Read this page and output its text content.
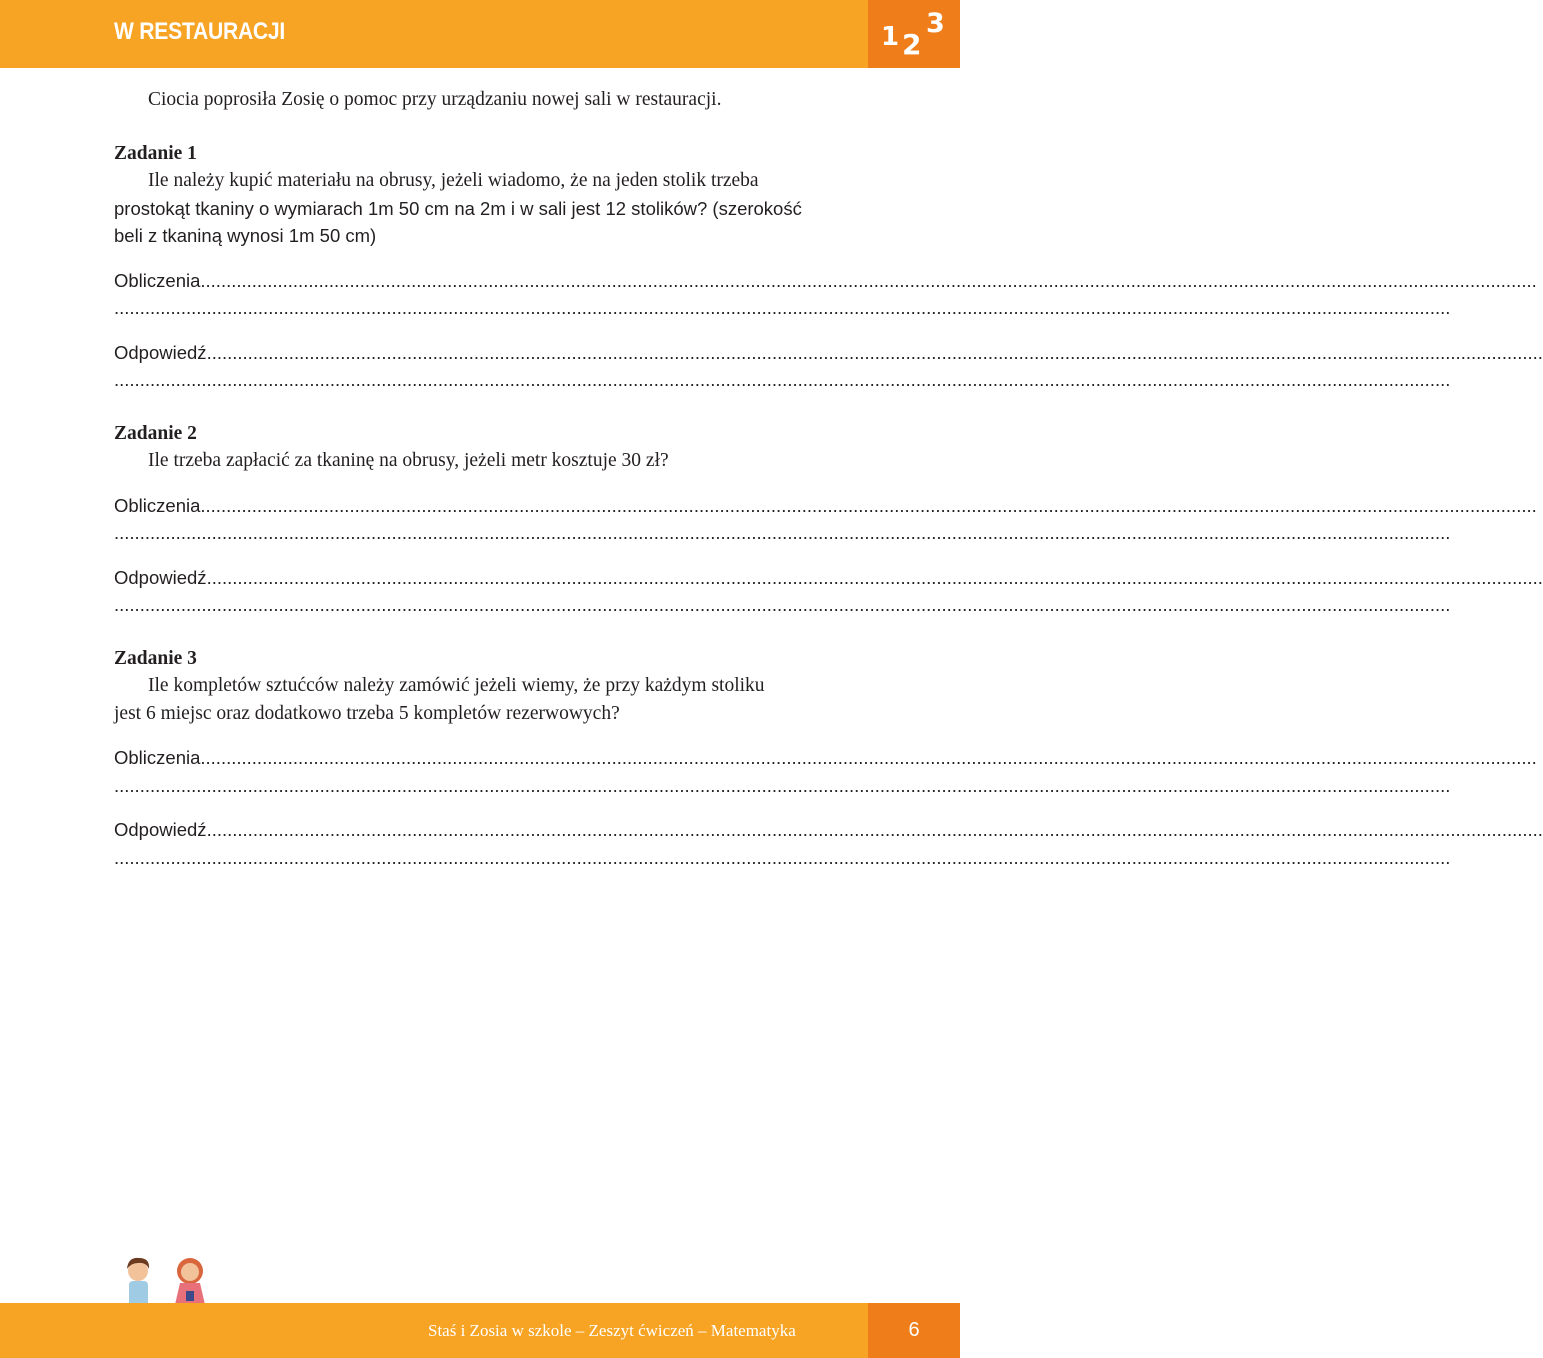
W RESTAURACJI	1 2
3

Ciocia poprosiła Zosię o pomoc przy urządzaniu nowej sali w restauracji.

Zadanie 1

Ile należy kupić materiału na obrusy, jeżeli wiadomo, że na jeden stolik trzeba

prostokąt tkaniny o wymiarach 1m 50 cm na 2m i w sali jest 12 stolików? (szerokość

beli z tkaniną wynosi 1m 50 cm)

Obliczenia....................................................................................................................................................................................................................................................................

....................................................................................................................................................................................................................................................................

Odpowiedź....................................................................................................................................................................................................................................................................

....................................................................................................................................................................................................................................................................

Zadanie 2

Ile trzeba zapłacić za tkaninę na obrusy, jeżeli metr kosztuje 30 zł?

Obliczenia....................................................................................................................................................................................................................................................................

....................................................................................................................................................................................................................................................................

Odpowiedź....................................................................................................................................................................................................................................................................

....................................................................................................................................................................................................................................................................

Zadanie 3

Ile kompletów sztućców należy zamówić jeżeli wiemy, że przy każdym stoliku

jest 6 miejsc oraz dodatkowo trzeba 5 kompletów rezerwowych?

Obliczenia....................................................................................................................................................................................................................................................................

....................................................................................................................................................................................................................................................................

Odpowiedź....................................................................................................................................................................................................................................................................

....................................................................................................................................................................................................................................................................

Staś i Zosia w szkole – Zeszyt ćwiczeń – Matematyka	6
